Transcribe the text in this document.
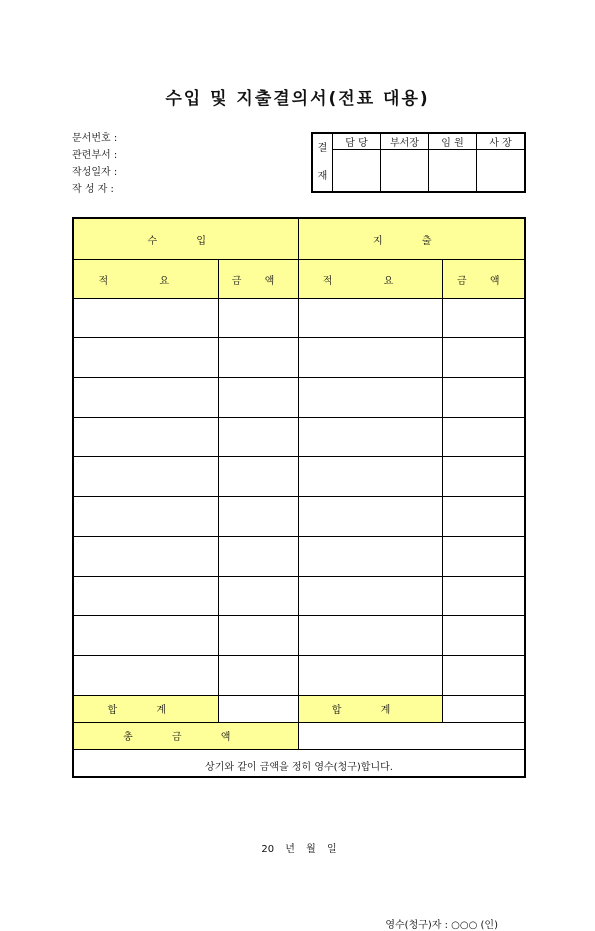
수입 및 지출결의서(전표 대용)
문서번호 :
관련부서 :
작성일자 :
작 성 자 :
결
재	담 당	부서장	임 원	사 장

수 입		지 출	
적 요	금 액	적 요	금 액

합 계		합 계	
총 금 액			

상기와 같이 금액을 정히 영수(청구)합니다.
20 년 월 일
영수(청구)자 : ○○○ (인)			
